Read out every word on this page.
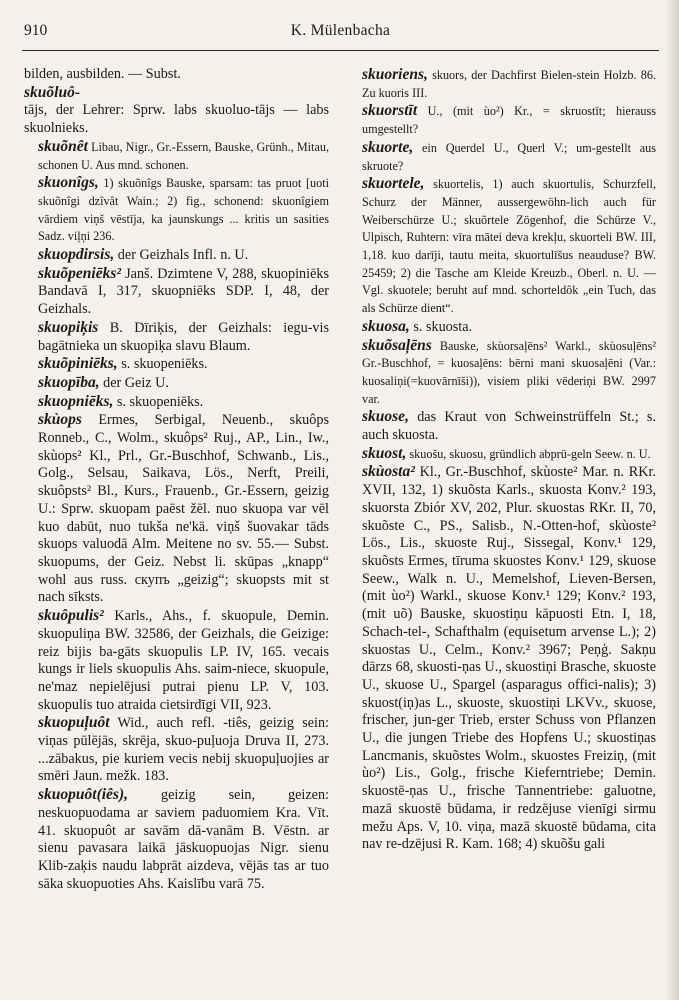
910	K. Mülenbacha

bilden, ausbilden. — Subst.

skuõluô-

tājs, der Lehrer: Sprw. labs skuoluo-tājs — labs skuolnieks.

skuõnêt Libau, Nigr., Gr.-Essern, Bauske, Grünh., Mitau, schonen U. Aus mnd. schonen.

skuonîgs, 1) skuõnîgs Bauske, sparsam: tas pruot [uoti skuõnîgi dzîvât Wain.; 2) fig., schonend: skuonîgiem vārdiem viņš vēstīja, ka jaunskungs ... kritis un sasities Sadz. viļņi 236.

skuopdirsis, der Geizhals Infl. n. U.

skuõpeniēks² Janš. Dzimtene V, 288, skuopiniēks Bandavā I, 317, skuopniēks SDP. I, 48, der Geizhals.

skuopiķis B. Dīriķis, der Geizhals: iegu-vis bagātnieka un skuopiķa slavu Blaum.

skuõpiniēks, s. skuopeniēks.

skuopība, der Geiz U.

skuopniēks, s. skuopeniēks.

skùops Ermes, Serbigal, Neuenb., skuôps Ronneb., C., Wolm., skuôps² Ruj., AP., Lin., Iw., skùops² Kl., Prl., Gr.-Buschhof, Schwanb., Lis., Golg., Selsau, Saikava, Lös., Nerft, Preili, skuôpsts² Bl., Kurs., Frauenb., Gr.-Essern, geizig U.: Sprw. skuopam paēst žēl. nuo skuopa var vēl kuo dabūt, nuo tukša ne'kā. viņš šuovakar tāds skuops valuodā Alm. Meitene no sv. 55.— Subst. skuopums, der Geiz. Nebst li. skūpas „knapp“ wohl aus russ. скупъ „geizig“; skuopsts mit st nach sīksts.

skuôpulis² Karls., Ahs., f. skuopule, Demin. skuopuliņa BW. 32586, der Geizhals, die Geizige: reiz bijis ba-gāts skuopulis LP. IV, 165. vecais kungs ir liels skuopulis Ahs. saim-niece, skuopule, ne'maz nepielējusi putrai pienu LP. V, 103. skuopulis tuo atraida cietsirdīgi VII, 923.

skuopuļuôt Wid., auch refl. -tiês, geizig sein: viņas pūlējās, skrēja, skuo-puļuoja Druva II, 273. ...zābakus, pie kuriem vecis nebij skuopuļuojies ar smēri Jaun. mežk. 183.

skuopuôt(iês), geizig sein, geizen: neskuopuodama ar saviem paduomiem Kra. Vīt. 41. skuopuôt ar savām dā-vanām B. Vēstn. ar sienu pavasara laikā jāskuopuojas Nigr. sienu Klib-zaķis naudu labprāt aizdeva, vējās tas ar tuo sāka skuopuoties Ahs. Kaislību varā 75.

skuoriens, skuors, der Dachfirst Bielen-stein Holzb. 86. Zu kuoris III.

skuorstīt U., (mit ùo²) Kr., = skruostīt; hierauss umgestellt?

skuorte, ein Querdel U., Querl V.; um-gestellt aus skruote?

skuortele, skuortelis, 1) auch skuortulis, Schurzfell, Schurz der Männer, aussergewöhn-lich auch für Weiberschürze U.; skuõrtele Zögenhof, die Schürze V., Ulpisch, Ruhtern: vīra mātei deva krekļu, skuorteli BW. III, 1,18. kuo darīji, tautu meita, skuortulīšus neauduse? BW. 25459; 2) die Tasche am Kleide Kreuzb., Oberl. n. U. — Vgl. skuotele; beruht auf mnd. schorteldôk „ein Tuch, das als Schürze dient“.

skuosa, s. skuosta.

skuõsaļēns Bauske, skùorsaļēns² Warkl., skùosuļēns² Gr.-Buschhof, = kuosaļēns: bērni mani skuosaļēni (Var.: kuosaliņi(=kuovārnīši)), visiem pliki vēderiņi BW. 2997 var.

skuose, das Kraut von Schweinstrüffeln St.; s. auch skuosta.

skuost, skuošu, skuosu, gründlich abprü-geln Seew. n. U.

skùosta² Kl., Gr.-Buschhof, skùoste² Mar. n. RKr. XVII, 132, 1) skuõsta Karls., skuosta Konv.² 193, skuorsta Zbiór XV, 202, Plur. skuostas RKr. II, 70, skuõste C., PS., Salisb., N.-Otten-hof, skùoste² Lös., Lis., skuoste Ruj., Sissegal, Konv.¹ 129, skuõsts Ermes, tīruma skuostes Konv.¹ 129, skuose Seew., Walk n. U., Memelshof, Lieven-Bersen, (mit ùo²) Warkl., skuose Konv.¹ 129; Konv.² 193, (mit uõ) Bauske, skuostiņu kāpuosti Etn. I, 18, Schach-tel-, Schafthalm (equisetum arvense L.); 2) skuostas U., Celm., Konv.² 3967; Peņģ. Sakņu dārzs 68, skuosti-ņas U., skuostiņi Brasche, skuoste U., skuose U., Spargel (asparagus offici-nalis); 3) skuost(iņ)as L., skuoste, skuostiņi LKVv., skuose, frischer, jun-ger Trieb, erster Schuss von Pflanzen U., die jungen Triebe des Hopfens U.; skuostiņas Lancmanis, skuõstes Wolm., skuostes Freiziņ, (mit ùo²) Lis., Golg., frische Kieferntriebe; Demin. skuostē-ņas U., frische Tannentriebe: galuotne, mazā skuostē būdama, ir redzējuse vienīgi sirmu mežu Aps. V, 10. viņa, mazā skuostē būdama, cita nav re-dzējusi R. Kam. 168; 4) skuõšu gali
